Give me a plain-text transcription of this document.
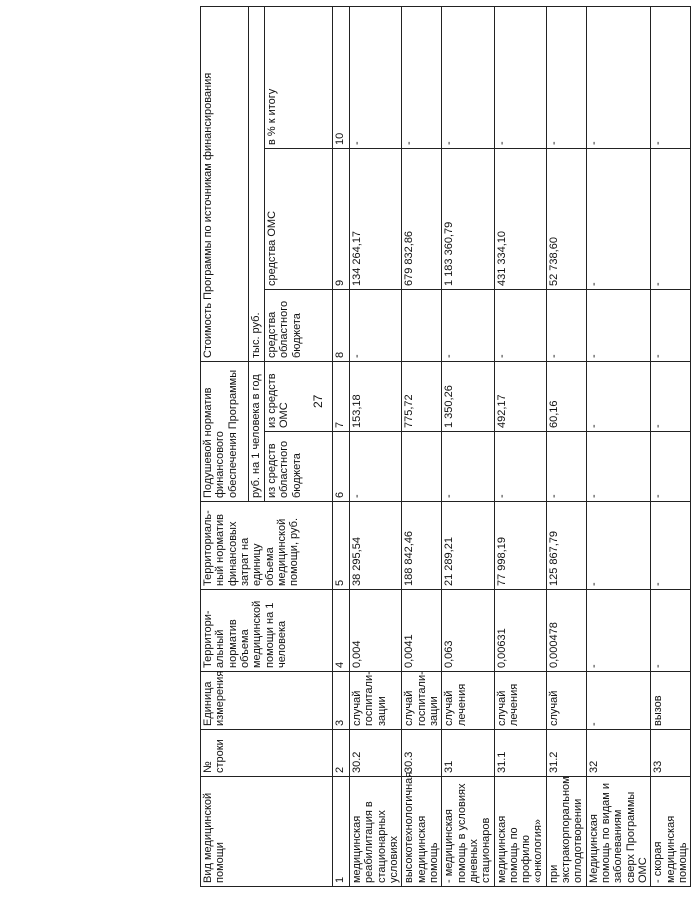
27
Вид медицинской помощи	№ строки	Единица измерения	Территори-альный норматив объема медицинской помощи на 1 человека	Территориаль-ный норматив финансовых затрат на единицу объема медицинской помощи, руб.	Подушевой норматив финансового обеспечения Программы		Стоимость Программы по источникам финансирования		
					руб. на 1 человека в год		тыс. руб.		
					из средств областного бюджета	из средств ОМС	средства областного бюджета	средства ОМС	в % к итогу
1	2	3	4	5	6	7	8	9	10
медицинская реабилитация в стационарных условиях	30.2	случай госпитали-зации	0,004	38 295,54	-	153,18	-	134 264,17	-
высокотехнологичная медицинская помощь	30.3	случай госпитали-зации	0,0041	188 842,46		775,72		679 832,86	-
- медицинская помощь в условиях дневных стационаров	31	случай лечения	0,063	21 289,21	-	1 350,26	-	1 183 360,79	-
медицинская помощь по профилю «онкология»	31.1	случай лечения	0,00631	77 998,19	-	492,17	-	431 334,10	-
при экстракорпоральном оплодотворении	31.2	случай	0,000478	125 867,79	-	60,16	-	52 738,60	-
Медицинская помощь по видам и заболеваниям сверх Программы ОМС	32	-	-	-	-	-	-	-	-
- скорая медицинская помощь	33	вызов	-	-	-	-	-	-	-
